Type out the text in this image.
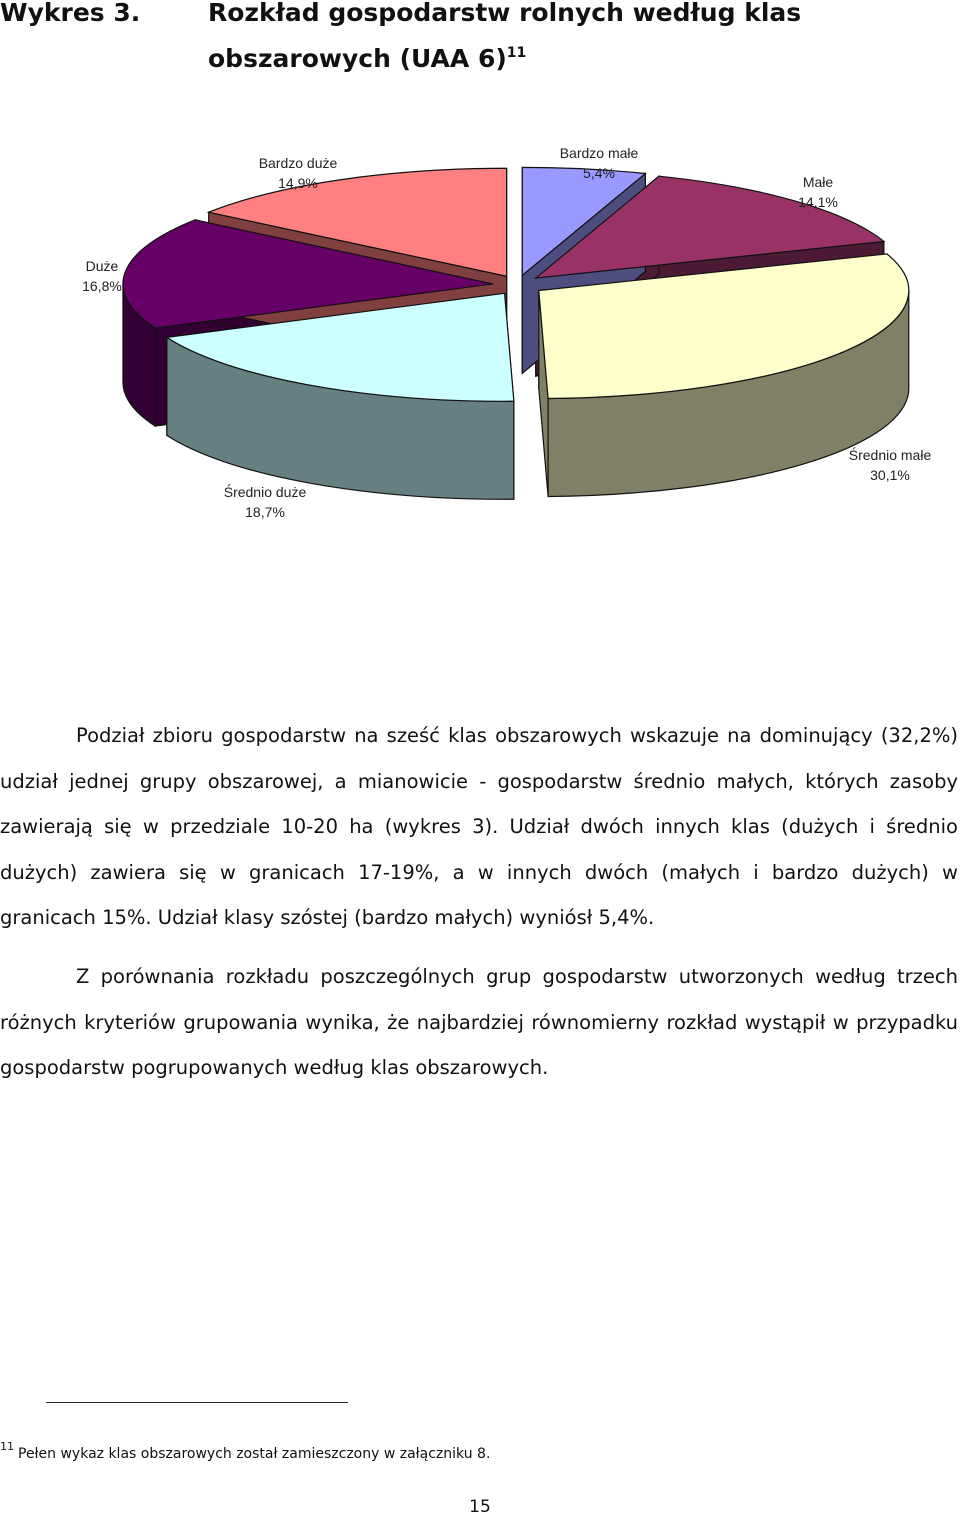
Wykres 3.	Rozkład gospodarstw rolnych według klas
obszarowych (UAA 6)$^{11}$
Bardzo małe
5,4%
Małe
14,1%
Średnio małe
30,1%
Średnio duże
18,7%
Duże
16,8%
Bardzo duże
14,9%

Podział zbioru gospodarstw na sześć klas obszarowych wskazuje na dominujący (32,2%) udział jednej grupy obszarowej, a mianowicie - gospodarstw średnio małych, których zasoby zawierają się w przedziale 10-20 ha (wykres 3). Udział dwóch innych klas (dużych i średnio dużych) zawiera się w granicach 17-19%, a w innych dwóch (małych i bardzo dużych) w granicach 15%. Udział klasy szóstej (bardzo małych) wyniósł 5,4%.

Z porównania rozkładu poszczególnych grup gospodarstw utworzonych według trzech różnych kryteriów grupowania wynika, że najbardziej równomierny rozkład wystąpił w przypadku gospodarstw pogrupowanych według klas obszarowych.

$^{11}$ Pełen wykaz klas obszarowych został zamieszczony w załączniku 8.
15
